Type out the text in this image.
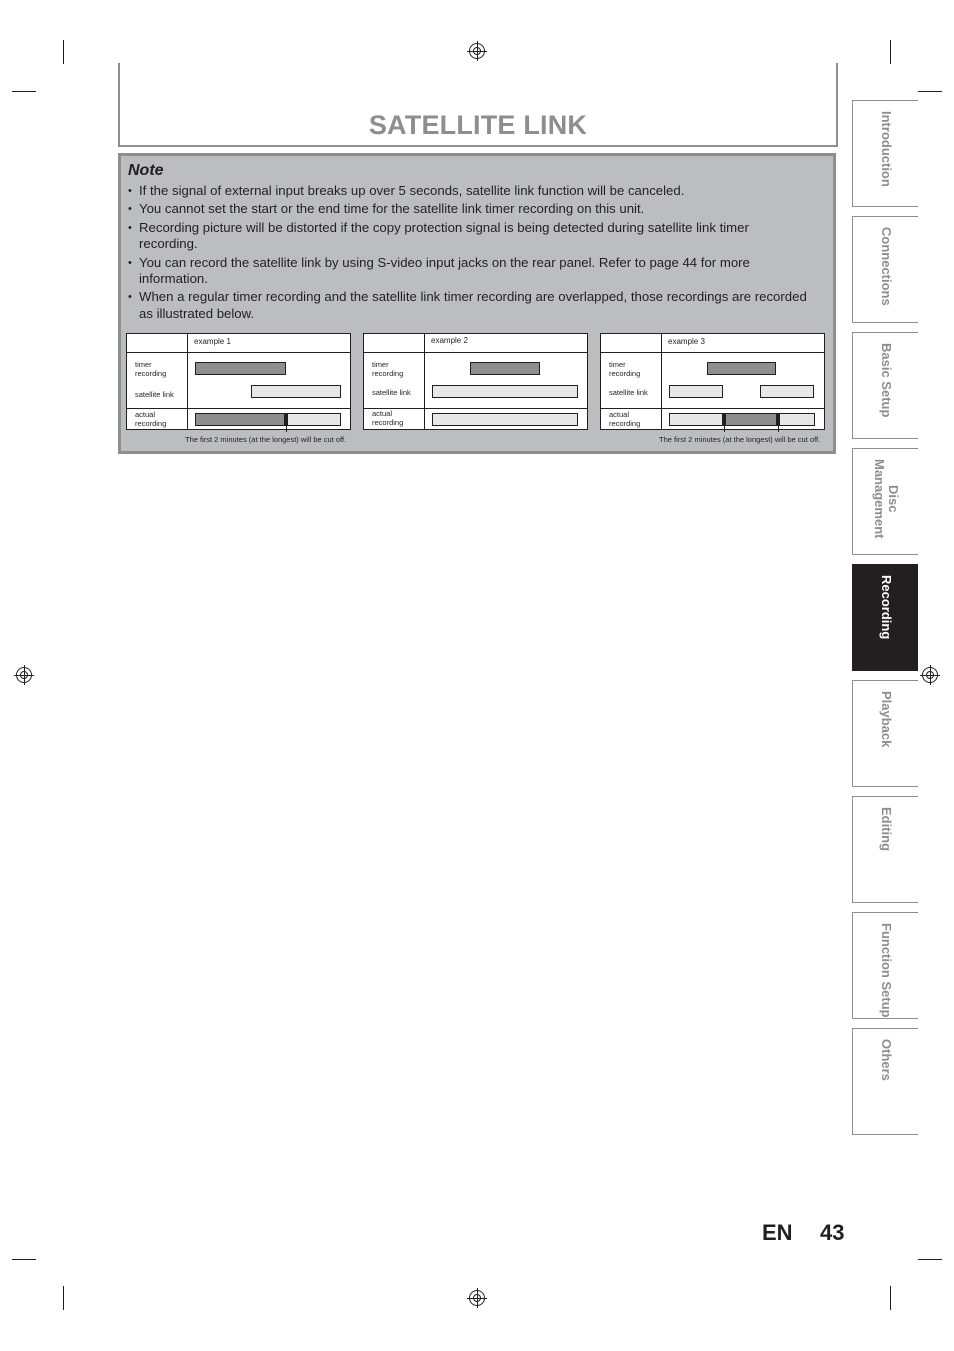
SATELLITE LINK
Note
• If the signal of external input breaks up over 5 seconds, satellite link function will be canceled.
• You cannot set the start or the end time for the satellite link timer recording on this unit.
• Recording picture will be distorted if the copy protection signal is being detected during satellite link timer recording.
• You can record the satellite link by using S-video input jacks on the rear panel. Refer to page 44 for more information.
• When a regular timer recording and the satellite link timer recording are overlapped, those recordings are recorded as illustrated below.
example 1
timer
recording
satellite link
actual
recording
The first 2 minutes (at the longest) will be cut off.
example 2
timer
recording
satellite link
actual
recording
example 3
timer
recording
satellite link
actual
recording
The first 2 minutes (at the longest) will be cut off.
Introduction
Connections
Basic Setup
Disc
Management
Recording
Playback
Editing
Function Setup
Others
EN 43
